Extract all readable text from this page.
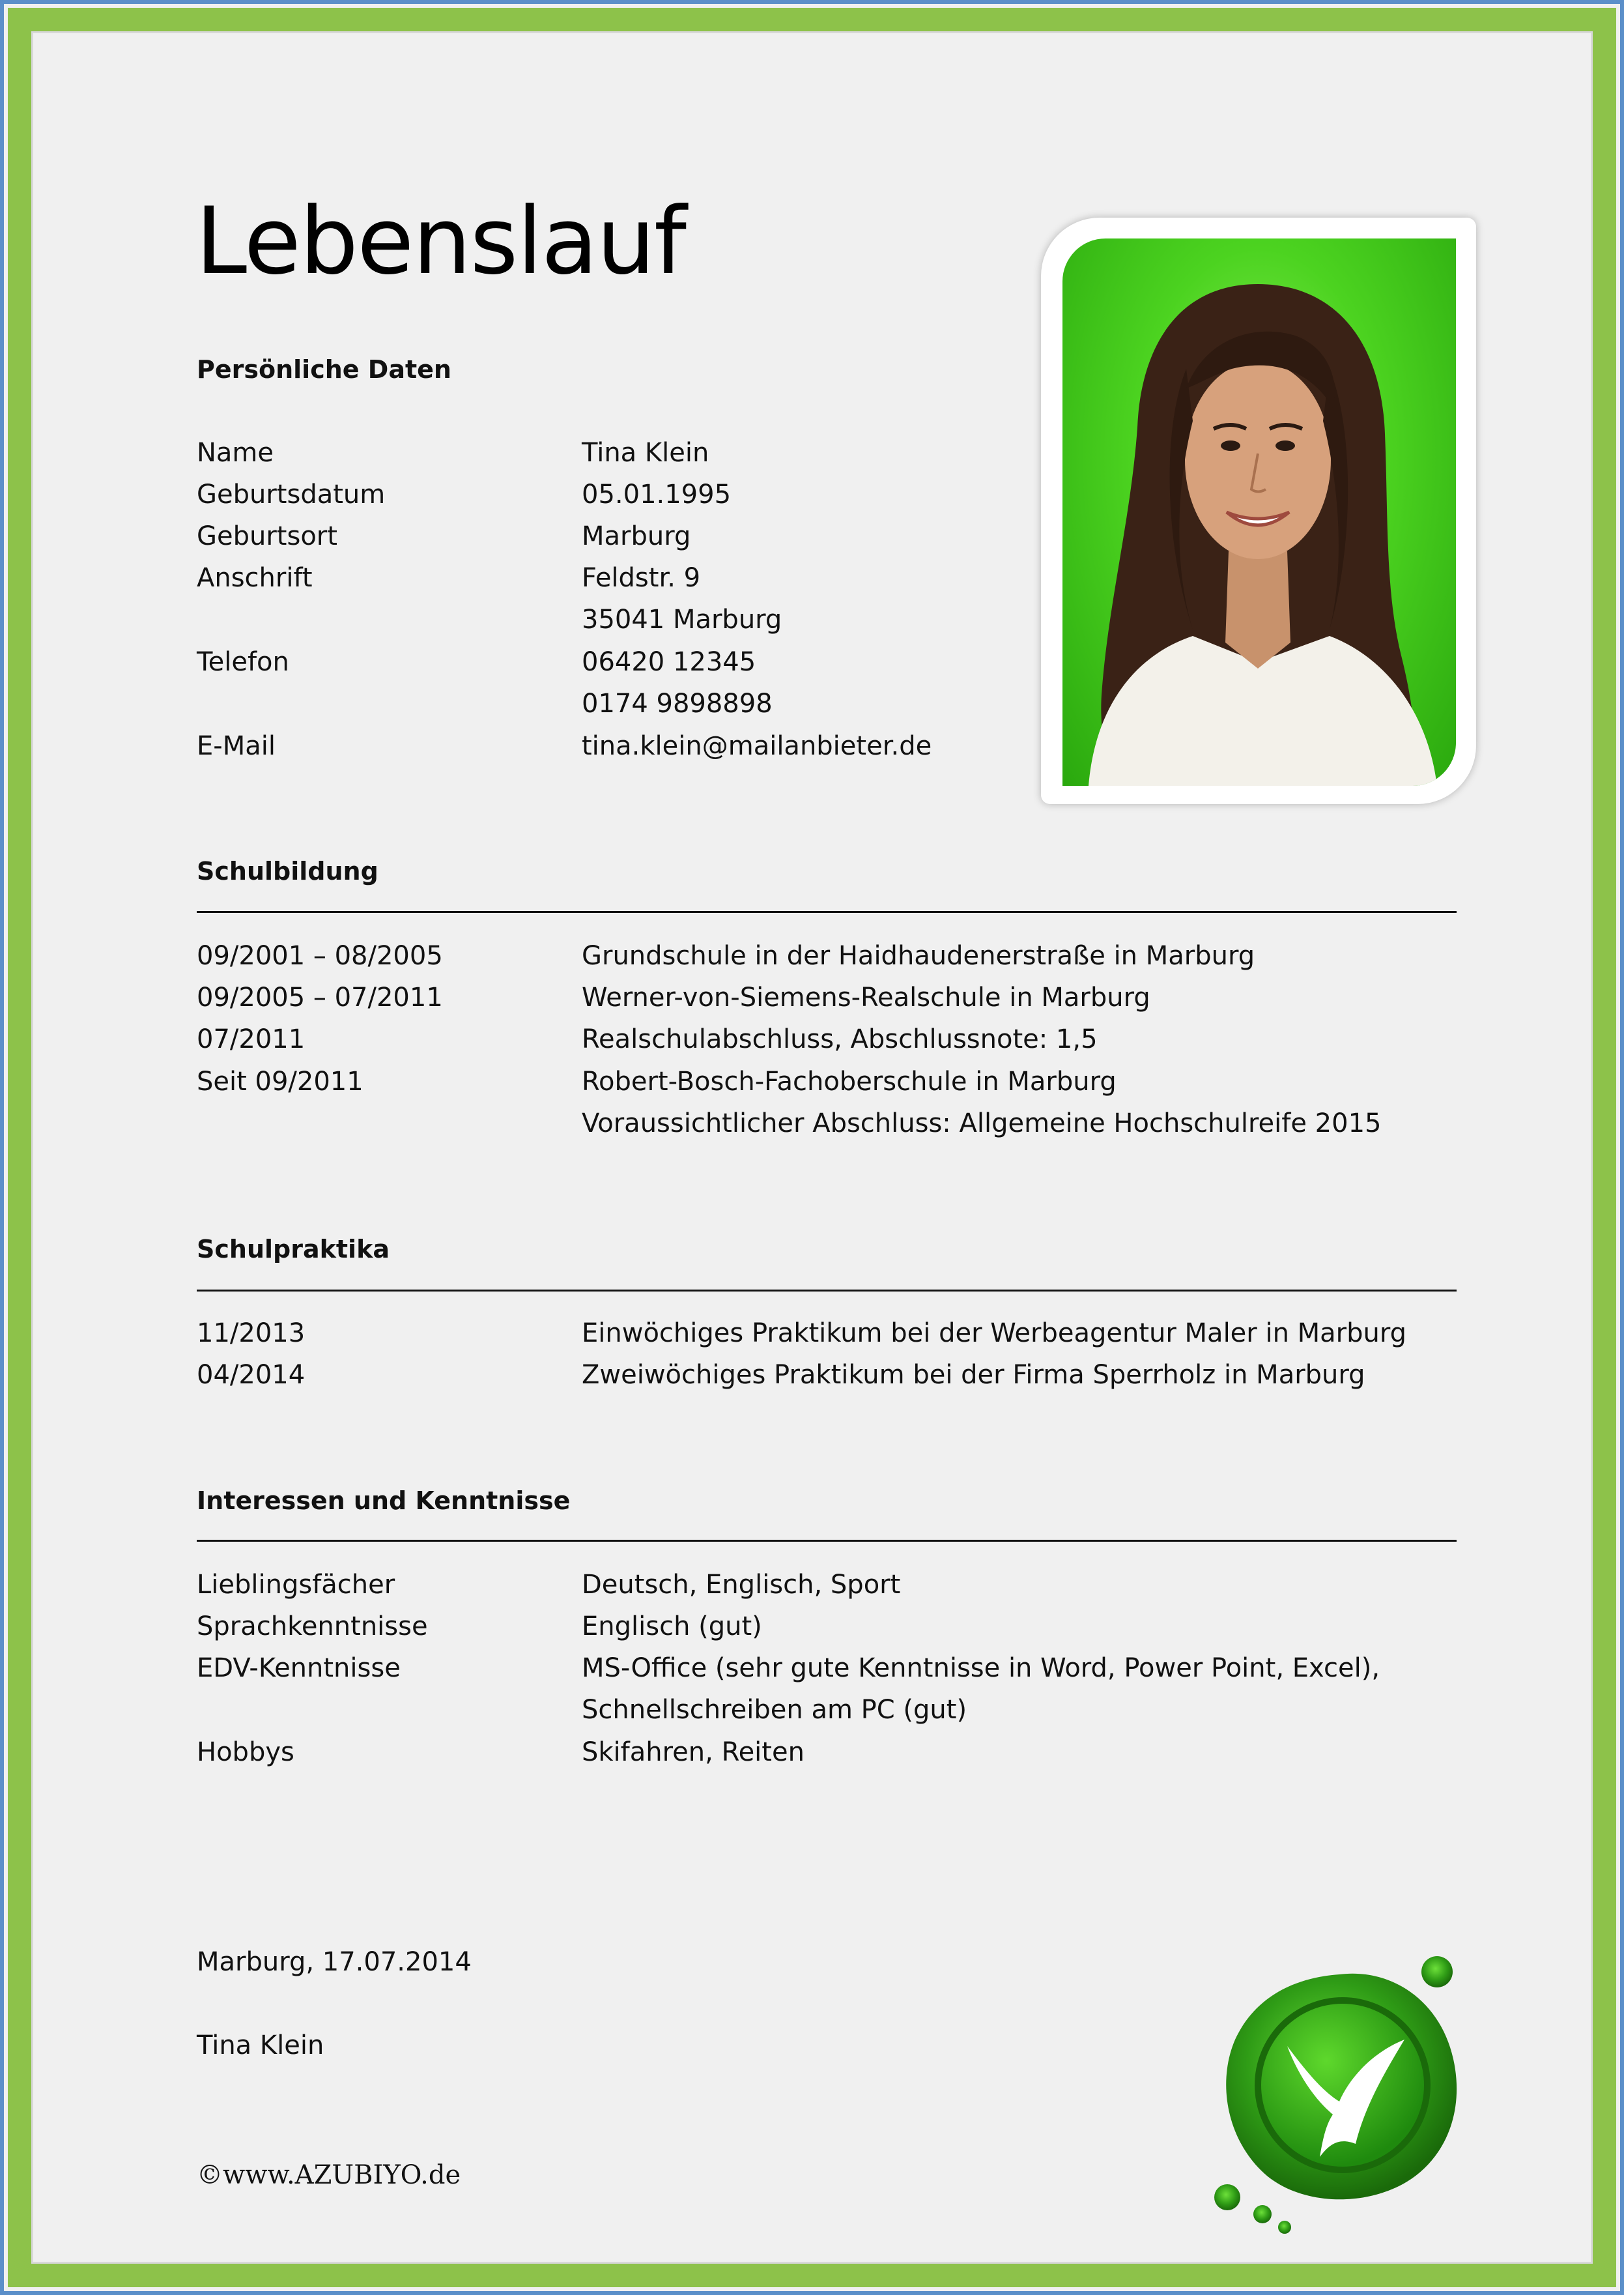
Lebenslauf
Persönliche Daten
Name	Tina Klein
Geburtsdatum	05.01.1995
Geburtsort	Marburg
Anschrift	Feldstr. 9
35041 Marburg
Telefon	06420 12345
0174 9898898
E-Mail	tina.klein@mailanbieter.de
Schulbildung
09/2001 – 08/2005	Grundschule in der Haidhaudenerstraße in Marburg
09/2005 – 07/2011	Werner-von-Siemens-Realschule in Marburg
07/2011	Realschulabschluss, Abschlussnote: 1,5
Seit 09/2011	Robert-Bosch-Fachoberschule in Marburg
Voraussichtlicher Abschluss: Allgemeine Hochschulreife 2015
Schulpraktika
11/2013	Einwöchiges Praktikum bei der Werbeagentur Maler in Marburg
04/2014	Zweiwöchiges Praktikum bei der Firma Sperrholz in Marburg
Interessen und Kenntnisse
Lieblingsfächer	Deutsch, Englisch, Sport
Sprachkenntnisse	Englisch (gut)
EDV-Kenntnisse	MS-Office (sehr gute Kenntnisse in Word, Power Point, Excel),
Schnellschreiben am PC (gut)
Hobbys	Skifahren, Reiten
Marburg, 17.07.2014
Tina Klein
©www.AZUBIYO.de
